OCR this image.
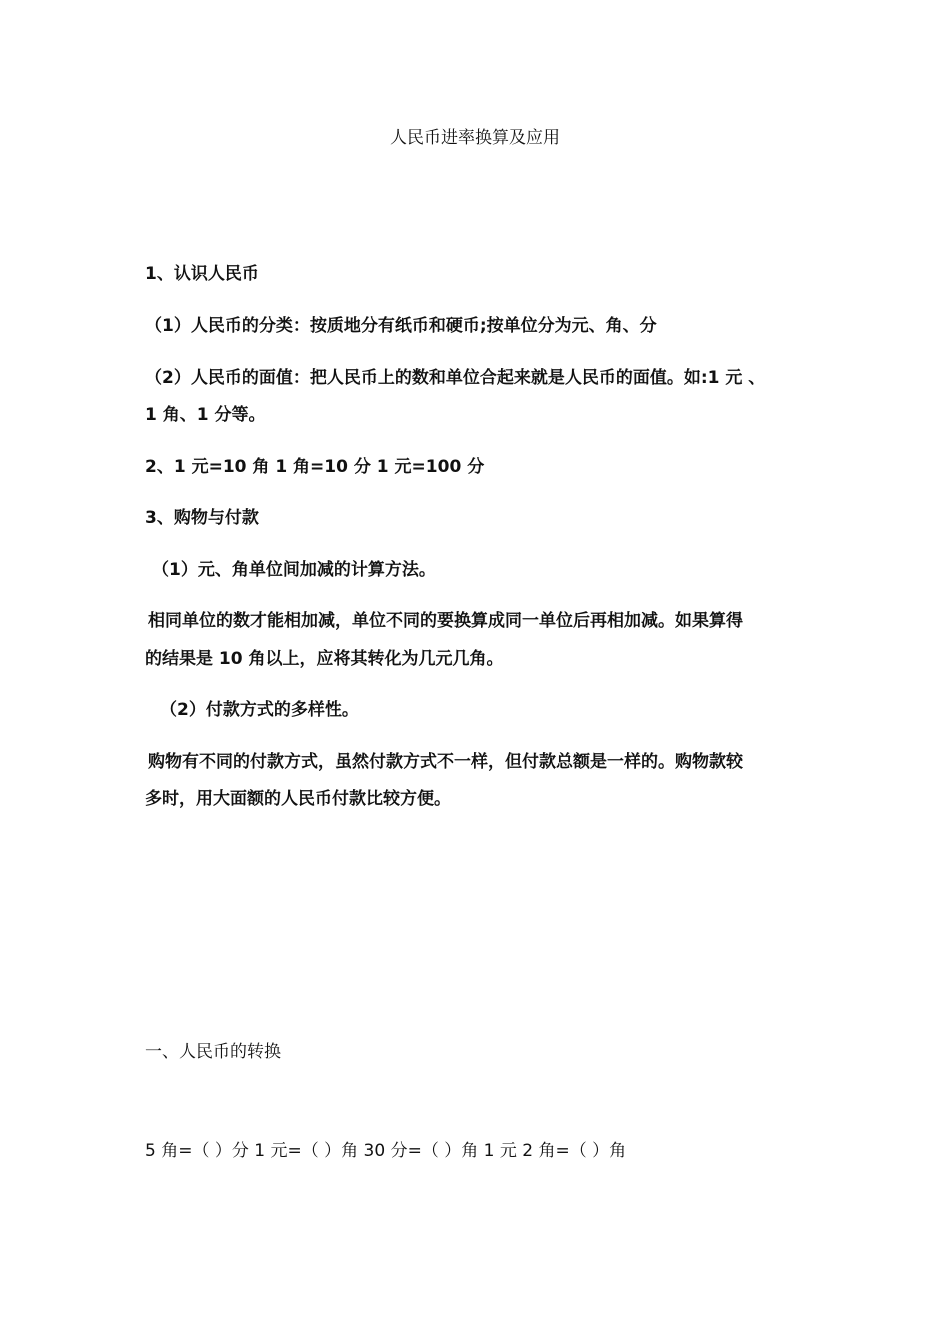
人民币进率换算及应用
1、认识人民币
（1）人民币的分类：按质地分有纸币和硬币;按单位分为元、角、分
（2）人民币的面值：把人民币上的数和单位合起来就是人民币的面值。如:1 元 、
1 角、1 分等。
2、1 元=10 角 1 角=10 分 1 元=100 分
3、购物与付款
（1）元、角单位间加减的计算方法。
相同单位的数才能相加减，单位不同的要换算成同一单位后再相加减。如果算得
的结果是 10 角以上，应将其转化为几元几角。
（2）付款方式的多样性。
购物有不同的付款方式，虽然付款方式不一样，但付款总额是一样的。购物款较
多时，用大面额的人民币付款比较方便。
一、人民币的转换
5 角=（ ）分 1 元=（ ）角 30 分=（ ）角 1 元 2 角=（ ）角
